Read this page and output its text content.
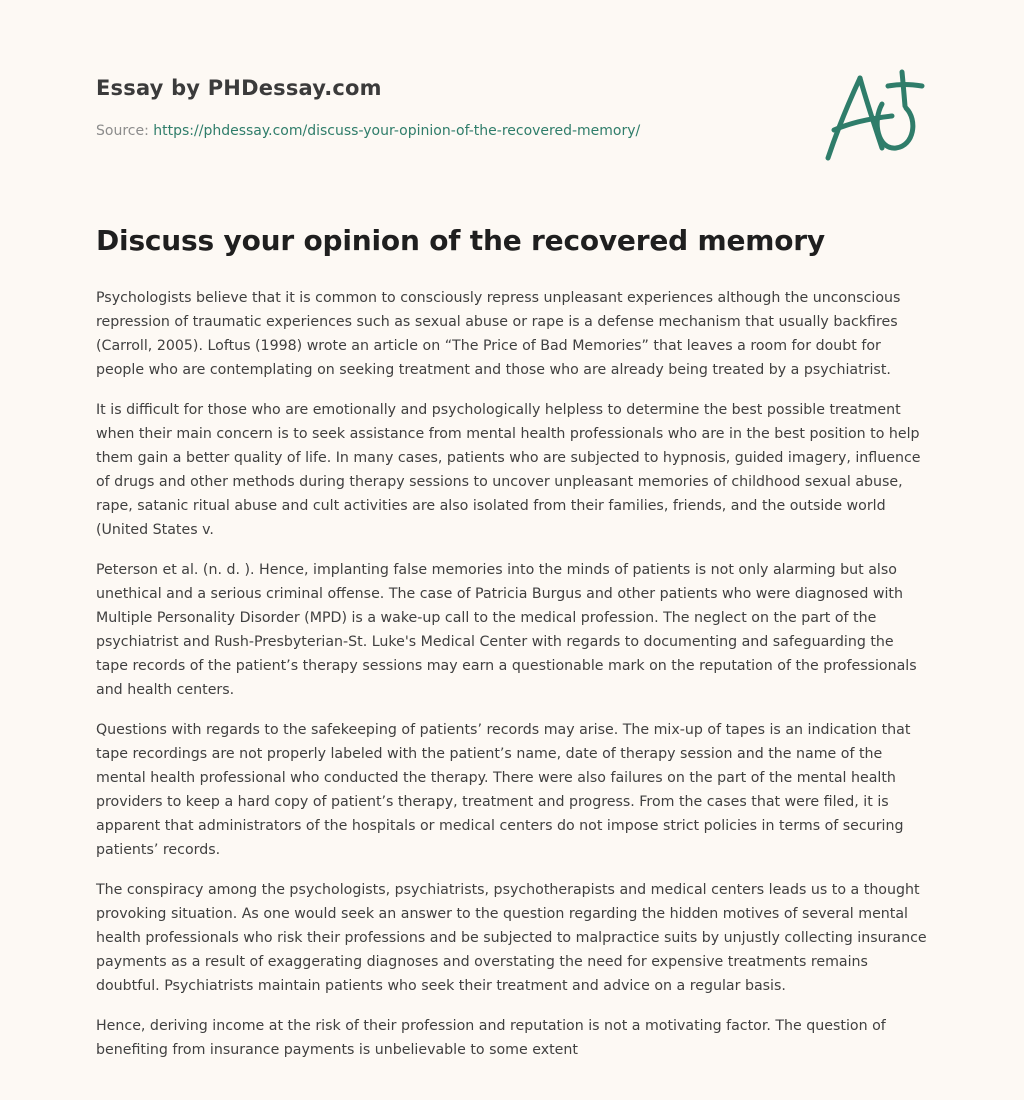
Essay by PHDessay.com
Source: https://phdessay.com/discuss-your-opinion-of-the-recovered-memory/
Discuss your opinion of the recovered memory

Psychologists believe that it is common to consciously repress unpleasant experiences although the unconscious repression of traumatic experiences such as sexual abuse or rape is a defense mechanism that usually backfires (Carroll, 2005). Loftus (1998) wrote an article on “The Price of Bad Memories” that leaves a room for doubt for people who are contemplating on seeking treatment and those who are already being treated by a psychiatrist.

It is difficult for those who are emotionally and psychologically helpless to determine the best possible treatment when their main concern is to seek assistance from mental health professionals who are in the best position to help them gain a better quality of life. In many cases, patients who are subjected to hypnosis, guided imagery, influence of drugs and other methods during therapy sessions to uncover unpleasant memories of childhood sexual abuse, rape, satanic ritual abuse and cult activities are also isolated from their families, friends, and the outside world (United States v.

Peterson et al. (n. d. ). Hence, implanting false memories into the minds of patients is not only alarming but also unethical and a serious criminal offense. The case of Patricia Burgus and other patients who were diagnosed with Multiple Personality Disorder (MPD) is a wake-up call to the medical profession. The neglect on the part of the psychiatrist and Rush-Presbyterian-St. Luke's Medical Center with regards to documenting and safeguarding the tape records of the patient’s therapy sessions may earn a questionable mark on the reputation of the professionals and health centers.

Questions with regards to the safekeeping of patients’ records may arise. The mix-up of tapes is an indication that tape recordings are not properly labeled with the patient’s name, date of therapy session and the name of the mental health professional who conducted the therapy. There were also failures on the part of the mental health providers to keep a hard copy of patient’s therapy, treatment and progress. From the cases that were filed, it is apparent that administrators of the hospitals or medical centers do not impose strict policies in terms of securing patients’ records.

The conspiracy among the psychologists, psychiatrists, psychotherapists and medical centers leads us to a thought provoking situation. As one would seek an answer to the question regarding the hidden motives of several mental health professionals who risk their professions and be subjected to malpractice suits by unjustly collecting insurance payments as a result of exaggerating diagnoses and overstating the need for expensive treatments remains doubtful. Psychiatrists maintain patients who seek their treatment and advice on a regular basis.

Hence, deriving income at the risk of their profession and reputation is not a motivating factor. The question of benefiting from insurance payments is unbelievable to some extent
